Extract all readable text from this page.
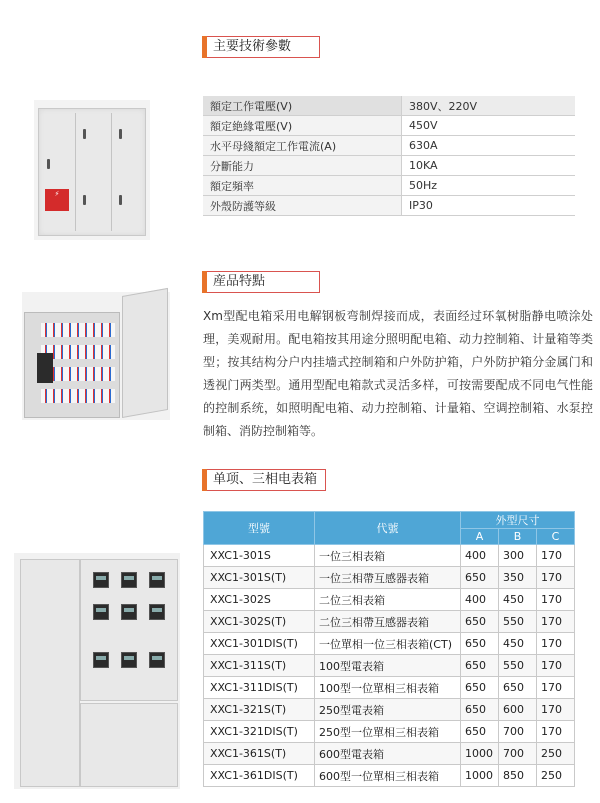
主要技術參數
⚡
額定工作電壓(V)	380V、220V
額定絶緣電壓(V)	450V
水平母綫額定工作電流(A)	630A
分斷能力	10KA
額定頻率	50Hz
外殼防護等級	IP30
産品特點
Xm型配电箱采用电解钢板弯制焊接而成，表面经过环氧树脂静电喷涂处理，美观耐用。配电箱按其用途分照明配电箱、动力控制箱、计量箱等类型；按其结构分户内挂墙式控制箱和户外防护箱，户外防护箱分金属门和透视门两类型。通用型配电箱款式灵活多样，可按需要配成不同电气性能的控制系统，如照明配电箱、动力控制箱、计量箱、空调控制箱、水泵控制箱、消防控制箱等。
单项、三相电表箱
型號	代號	外型尺寸		
		A	B	C
XXC1-301S	一位三相表箱	400	300	170
XXC1-301S(T)	一位三相帶互感器表箱	650	350	170
XXC1-302S	二位三相表箱	400	450	170
XXC1-302S(T)	二位三相帶互感器表箱	650	550	170
XXC1-301DIS(T)	一位單相一位三相表箱(CT)	650	450	170
XXC1-311S(T)	100型電表箱	650	550	170
XXC1-311DIS(T)	100型一位單相三相表箱	650	650	170
XXC1-321S(T)	250型電表箱	650	600	170
XXC1-321DIS(T)	250型一位單相三相表箱	650	700	170
XXC1-361S(T)	600型電表箱	1000	700	250
XXC1-361DIS(T)	600型一位單相三相表箱	1000	850	250
